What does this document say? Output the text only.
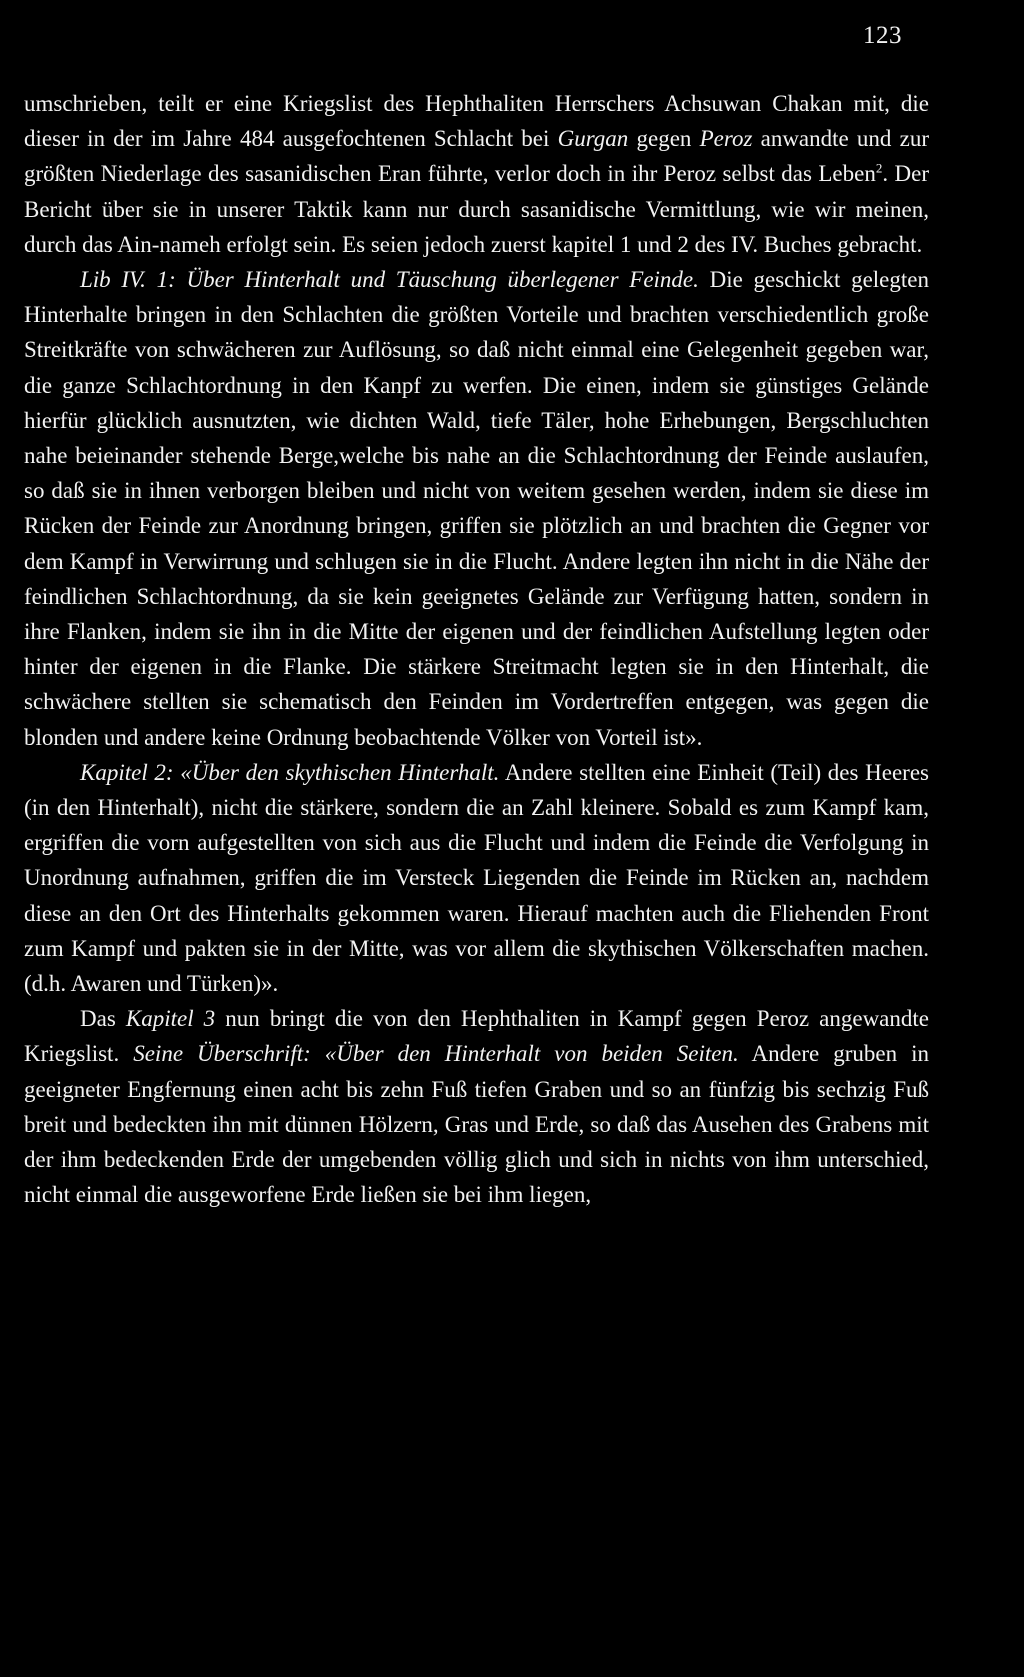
123

umschrieben, teilt er eine Kriegslist des Hephthaliten Herrschers Achsuwan Chakan mit, die dieser in der im Jahre 484 ausgefochtenen Schlacht bei Gurgan gegen Peroz anwandte und zur größten Niederlage des sasanidischen Eran führte, verlor doch in ihr Peroz selbst das Leben$^2$. Der Bericht über sie in unserer Taktik kann nur durch sasanidische Vermittlung, wie wir meinen, durch das Ain-nameh erfolgt sein. Es seien jedoch zuerst kapitel 1 und 2 des IV. Buches gebracht.

Lib IV. 1: Über Hinterhalt und Täuschung überlegener Feinde. Die geschickt gelegten Hinterhalte bringen in den Schlachten die größten Vorteile und brachten verschiedentlich große Streitkräfte von schwächeren zur Auflösung, so daß nicht einmal eine Gelegenheit gegeben war, die ganze Schlachtordnung in den Kanpf zu werfen. Die einen, indem sie günstiges Gelände hierfür glücklich ausnutzten, wie dichten Wald, tiefe Täler, hohe Erhebungen, Bergschluchten nahe beieinander stehende Berge,welche bis nahe an die Schlachtordnung der Feinde auslaufen, so daß sie in ihnen verborgen bleiben und nicht von weitem gesehen werden, indem sie diese im Rücken der Feinde zur Anordnung bringen, griffen sie plötzlich an und brachten die Gegner vor dem Kampf in Verwirrung und schlugen sie in die Flucht. Andere legten ihn nicht in die Nähe der feindlichen Schlachtordnung, da sie kein geeignetes Gelände zur Verfügung hatten, sondern in ihre Flanken, indem sie ihn in die Mitte der eigenen und der feindlichen Aufstellung legten oder hinter der eigenen in die Flanke. Die stärkere Streitmacht legten sie in den Hinterhalt, die schwächere stellten sie schematisch den Feinden im Vordertreffen entgegen, was gegen die blonden und andere keine Ordnung beobachtende Völker von Vorteil ist».

Kapitel 2: «Über den skythischen Hinterhalt. Andere stellten eine Einheit (Teil) des Heeres (in den Hinterhalt), nicht die stärkere, sondern die an Zahl kleinere. Sobald es zum Kampf kam, ergriffen die vorn aufgestellten von sich aus die Flucht und indem die Feinde die Verfolgung in Unordnung aufnahmen, griffen die im Versteck Liegenden die Feinde im Rücken an, nachdem diese an den Ort des Hinterhalts gekommen waren. Hierauf machten auch die Fliehenden Front zum Kampf und pakten sie in der Mitte, was vor allem die skythischen Völkerschaften machen. (d.h. Awaren und Türken)».

Das Kapitel 3 nun bringt die von den Hephthaliten in Kampf gegen Peroz angewandte Kriegslist. Seine Überschrift: «Über den Hinterhalt von beiden Seiten. Andere gruben in geeigneter Engfernung einen acht bis zehn Fuß tiefen Graben und so an fünfzig bis sechzig Fuß breit und bedeckten ihn mit dünnen Hölzern, Gras und Erde, so daß das Ausehen des Grabens mit der ihm bedeckenden Erde der umgebenden völlig glich und sich in nichts von ihm unterschied, nicht einmal die ausgeworfene Erde ließen sie bei ihm liegen,
